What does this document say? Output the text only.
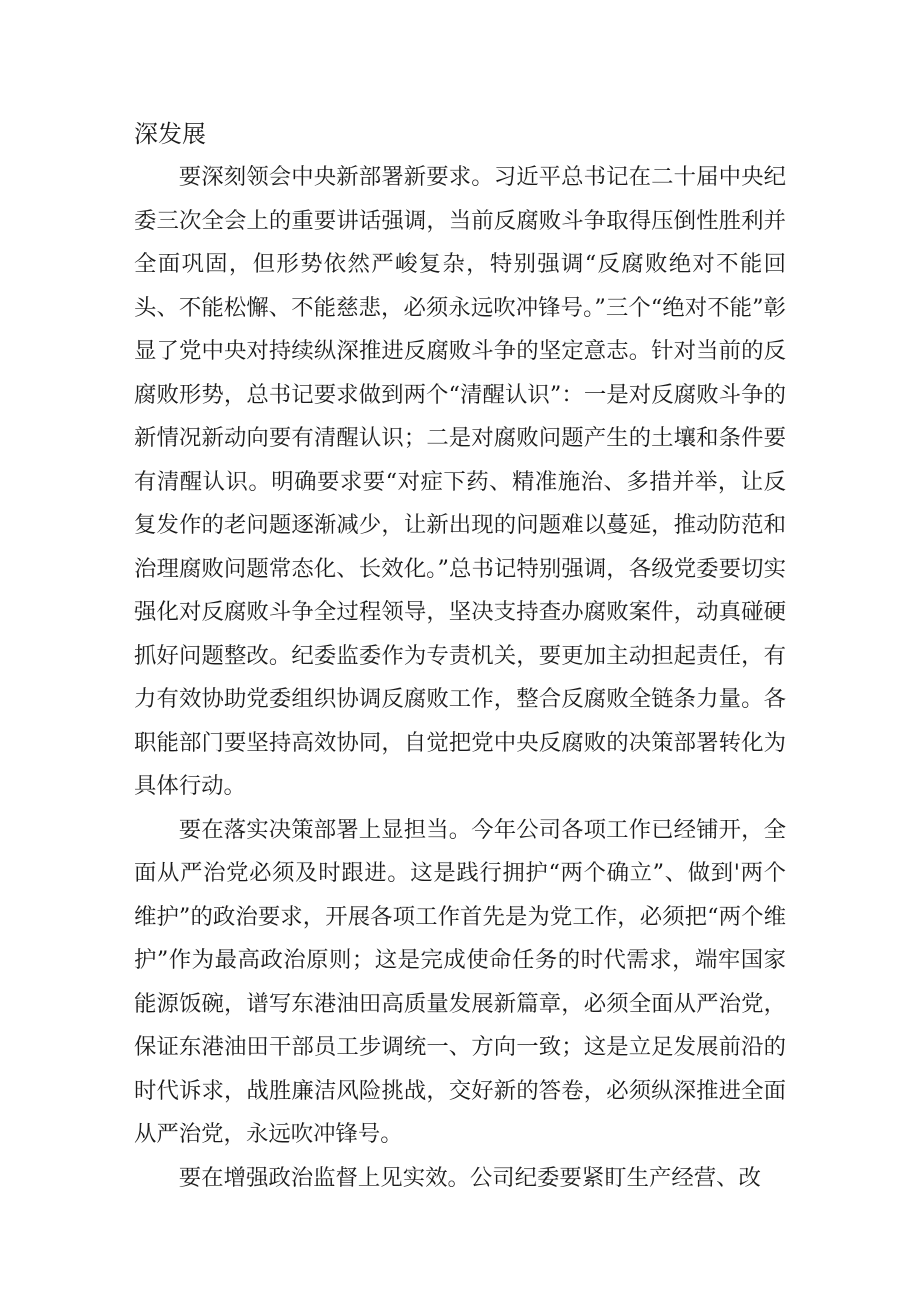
深发展

要深刻领会中央新部署新要求。习近平总书记在二十届中央纪委三次全会上的重要讲话强调，当前反腐败斗争取得压倒性胜利并全面巩固，但形势依然严峻复杂，特别强调“反腐败绝对不能回头、不能松懈、不能慈悲，必须永远吹冲锋号。”三个“绝对不能”彰显了党中央对持续纵深推进反腐败斗争的坚定意志。针对当前的反腐败形势，总书记要求做到两个“清醒认识”：一是对反腐败斗争的新情况新动向要有清醒认识；二是对腐败问题产生的土壤和条件要有清醒认识。明确要求要“对症下药、精准施治、多措并举，让反复发作的老问题逐渐减少，让新出现的问题难以蔓延，推动防范和治理腐败问题常态化、长效化。”总书记特别强调，各级党委要切实强化对反腐败斗争全过程领导，坚决支持查办腐败案件，动真碰硬抓好问题整改。纪委监委作为专责机关，要更加主动担起责任，有力有效协助党委组织协调反腐败工作，整合反腐败全链条力量。各职能部门要坚持高效协同，自觉把党中央反腐败的决策部署转化为具体行动。

要在落实决策部署上显担当。今年公司各项工作已经铺开，全面从严治党必须及时跟进。这是践行拥护“两个确立”、做到'两个维护”的政治要求，开展各项工作首先是为党工作，必须把“两个维护”作为最高政治原则；这是完成使命任务的时代需求，端牢国家能源饭碗，谱写东港油田高质量发展新篇章，必须全面从严治党，保证东港油田干部员工步调统一、方向一致；这是立足发展前沿的时代诉求，战胜廉洁风险挑战，交好新的答卷，必须纵深推进全面从严治党，永远吹冲锋号。

要在增强政治监督上见实效。公司纪委要紧盯生产经营、改
